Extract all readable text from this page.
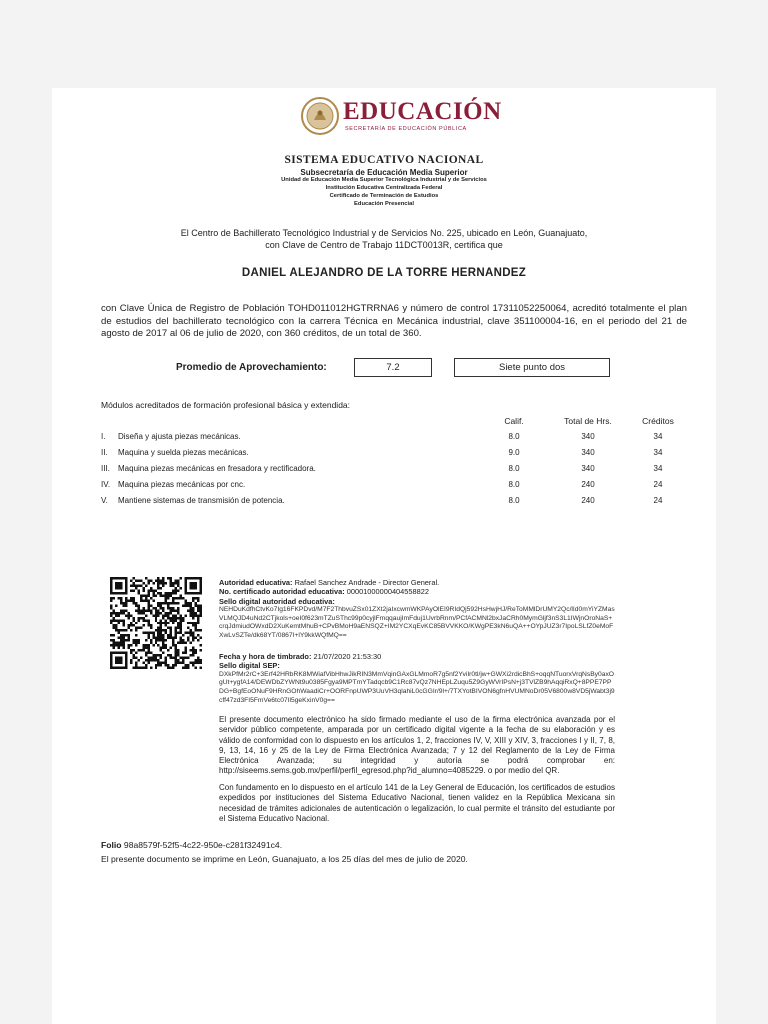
EDUCACIÓN
SECRETARÍA DE EDUCACIÓN PÚBLICA
SISTEMA EDUCATIVO NACIONAL
Subsecretaría de Educación Media Superior
Unidad de Educación Media Superior Tecnológica Industrial y de Servicios
Institución Educativa Centralizada Federal
Certificado de Terminación de Estudios
Educación Presencial
El Centro de Bachillerato Tecnológico Industrial y de Servicios No. 225, ubicado en León, Guanajuato,
con Clave de Centro de Trabajo 11DCT0013R, certifica que
DANIEL ALEJANDRO DE LA TORRE HERNANDEZ
con Clave Única de Registro de Población TOHD011012HGTRRNA6 y número de control 17311052250064, acreditó totalmente el plan de estudios del bachillerato tecnológico con la carrera Técnica en Mecánica industrial, clave 351100004-16, en el periodo del 21 de agosto de 2017 al 06 de julio de 2020, con 360 créditos, de un total de 360.
Promedio de Aprovechamiento:	7.2	Siete punto dos
Módulos acreditados de formación profesional básica y extendida:
Calif.	Total de Hrs.	Créditos
I. Diseña y ajusta piezas mecánicas.	8.0	340	34
II. Maquina y suelda piezas mecánicas.	9.0	340	34
III. Maquina piezas mecánicas en fresadora y rectificadora.	8.0	340	34
IV. Maquina piezas mecánicas por cnc.	8.0	240	24
V. Mantiene sistemas de transmisión de potencia.	8.0	240	24
Autoridad educativa: Rafael Sanchez Andrade - Director General.
No. certificado autoridad educativa: 00001000000404558822
Sello digital autoridad educativa:
NEHDuKdfhCtvKo7Ig16FKPDvd/M7F2ThbvuZSx01ZXt2jaIxcwmWKPAyOlEI9RIdQj592HsHwjHJ/ReToMMlDrUMY2Qc/lId0mYiYZMasVLMQJD4uNd2CTjkols+oeI0f623mTZuSThc99p0cyjlFmqqaujImFduj1UvrbRnm/PCfACMNl2bxJaCRh0MymGljf3nS3L1IWjnOroNaS+crqJdmiudOWxdD2XuKemtMhuB+CPvBMoH9aENSQZ+IM2YCXqEvKC85BVVKKO/KWgPE3kN6uQA++OYpJUZ3r7IpoLSLfZ0eMoFXwLvSZTe/dk68YT/0867I+lY9kkWQfMQ==
Fecha y hora de timbrado: 21/07/2020 21:53:30
Sello digital SEP:
DXkPfMr2rC+3Erf42HRbRK8MWiafVibHhwJikRIN3MmVqinGAxGLMmoR7g5nf2YviIr0tl/jw+GWXi2rdicBhS+oqqNTuorxVrqNsBy0axOgUt+ygfA14/DEWDbZYWNt9u0385Fgya9MPTmYTadqcb9C1Rc87vQz7NHEpLZuqu5Z9GyWVrIPsN+j3TVlZB9hAqqiRxQ+8PPE7PPDG+BgfEoONuF9HRnGOhWaadiCr+OORFnpUWP3UuVH3qlahiL0cGGIr/9l+/7TXYotBIVON6gfnHVUMNoDr05V6800w8VD5jWabt3j9cff47zd3FI5FmVe6tc07Il5geKxinV0g==
El presente documento electrónico ha sido firmado mediante el uso de la firma electrónica avanzada por el servidor público competente, amparada por un certificado digital vigente a la fecha de su elaboración y es válido de conformidad con lo dispuesto en los artículos 1, 2, fracciones IV, V, XIII y XIV, 3, fracciones I y II, 7, 8, 9, 13, 14, 16 y 25 de la Ley de Firma Electrónica Avanzada; 7 y 12 del Reglamento de la Ley de Firma Electrónica Avanzada; su integridad y autoría se podrá comprobar en: http://siseems.sems.gob.mx/perfil/perfil_egresod.php?id_alumno=4085229. o por medio del QR.
Con fundamento en lo dispuesto en el artículo 141 de la Ley General de Educación, los certificados de estudios expedidos por instituciones del Sistema Educativo Nacional, tienen validez en la República Mexicana sin necesidad de trámites adicionales de autenticación o legalización, lo cual permite el tránsito del estudiante por el Sistema Educativo Nacional.
Folio 98a8579f-52f5-4c22-950e-c281f32491c4.
El presente documento se imprime en León, Guanajuato, a los 25 días del mes de julio de 2020.
